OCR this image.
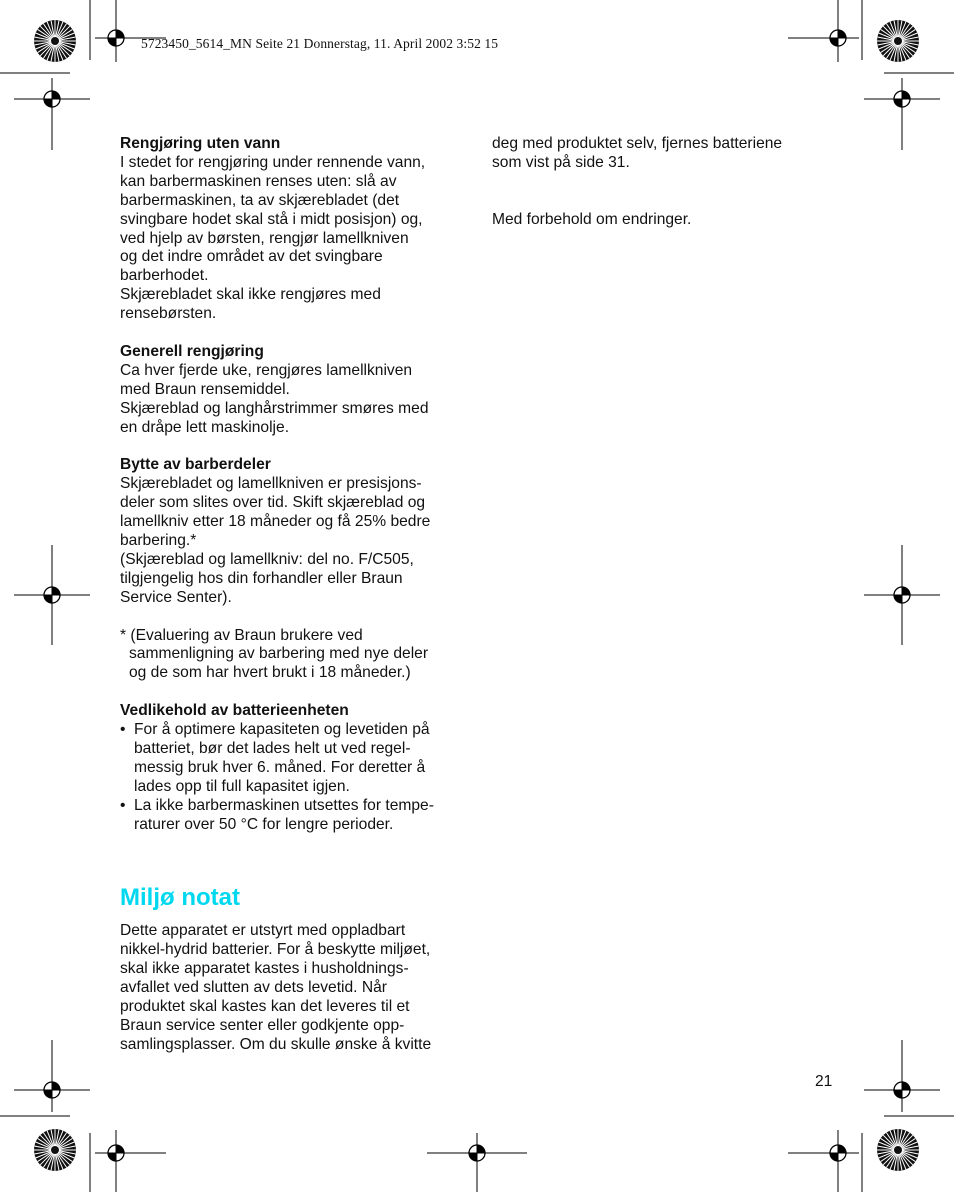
5723450_5614_MN Seite 21 Donnerstag, 11. April 2002 3:52 15
Rengjøring uten vann
I stedet for rengjøring under rennende vann,
kan barbermaskinen renses uten: slå av
barbermaskinen, ta av skjærebladet (det
svingbare hodet skal stå i midt posisjon) og,
ved hjelp av børsten, rengjør lamellkniven
og det indre området av det svingbare
barberhodet.
Skjærebladet skal ikke rengjøres med
rensebørsten.
Generell rengjøring
Ca hver fjerde uke, rengjøres lamellkniven
med Braun rensemiddel.
Skjæreblad og langhårstrimmer smøres med
en dråpe lett maskinolje.
Bytte av barberdeler
Skjærebladet og lamellkniven er presisjons-
deler som slites over tid. Skift skjæreblad og
lamellkniv etter 18 måneder og få 25% bedre
barbering.*
(Skjæreblad og lamellkniv: del no. F/C505,
tilgjengelig hos din forhandler eller Braun
Service Senter).
* (Evaluering av Braun brukere ved
sammenligning av barbering med nye deler
og de som har hvert brukt i 18 måneder.)
Vedlikehold av batterieenheten
• For å optimere kapasiteten og levetiden på
batteriet, bør det lades helt ut ved regel-
messig bruk hver 6. måned. For deretter å
lades opp til full kapasitet igjen.
• La ikke barbermaskinen utsettes for tempe-
raturer over 50 °C for lengre perioder.
Miljø notat
Dette apparatet er utstyrt med oppladbart
nikkel-hydrid batterier. For å beskytte miljøet,
skal ikke apparatet kastes i husholdnings-
avfallet ved slutten av dets levetid. Når
produktet skal kastes kan det leveres til et
Braun service senter eller godkjente opp-
samlingsplasser. Om du skulle ønske å kvitte
deg med produktet selv, fjernes batteriene
som vist på side 31.
Med forbehold om endringer.
21
